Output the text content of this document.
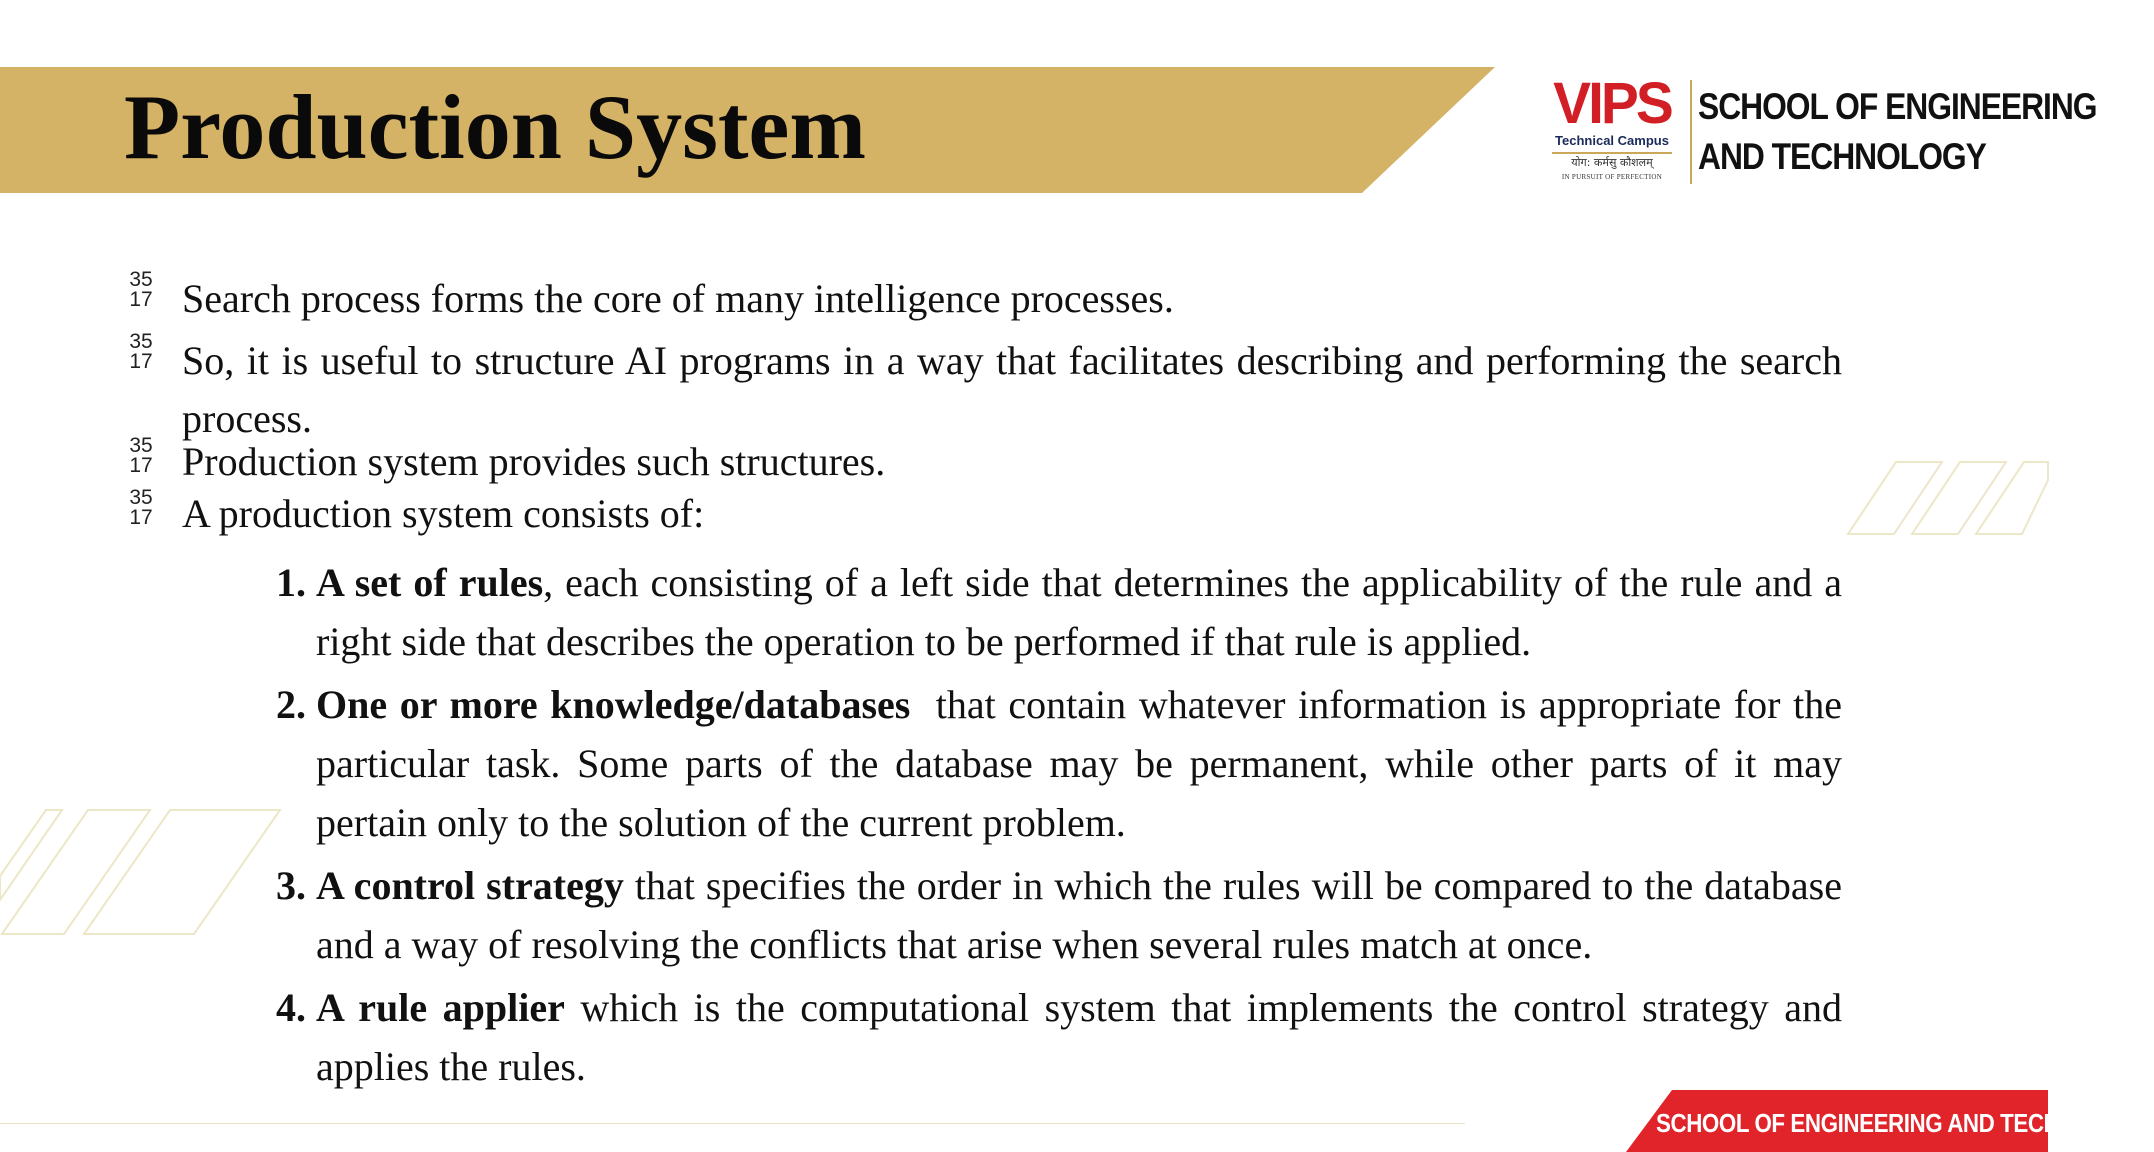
Production System	VIPS
Technical Campus
योग: कर्मसु कौशलम्
IN PURSUIT OF PERFECTION
SCHOOL OF ENGINEERING
AND TECHNOLOGY
35
17 Search process forms the core of many intelligence processes.
35
17 So, it is useful to structure AI programs in a way that facilitates describing and performing the search process.
35
17 Production system provides such structures.
35
17 A production system consists of:
1. A set of rules, each consisting of a left side that determines the applicability of the rule and a right side that describes the operation to be performed if that rule is applied.
2. One or more knowledge/databases  that contain whatever information is appropriate for the particular task. Some parts of the database may be permanent, while other parts of it may pertain only to the solution of the current problem.
3. A control strategy that specifies the order in which the rules will be compared to the database and a way of resolving the conflicts that arise when several rules match at once.
4. A rule applier which is the computational system that implements the control strategy and applies the rules.
SCHOOL OF ENGINEERING AND TECHNOLOGY
